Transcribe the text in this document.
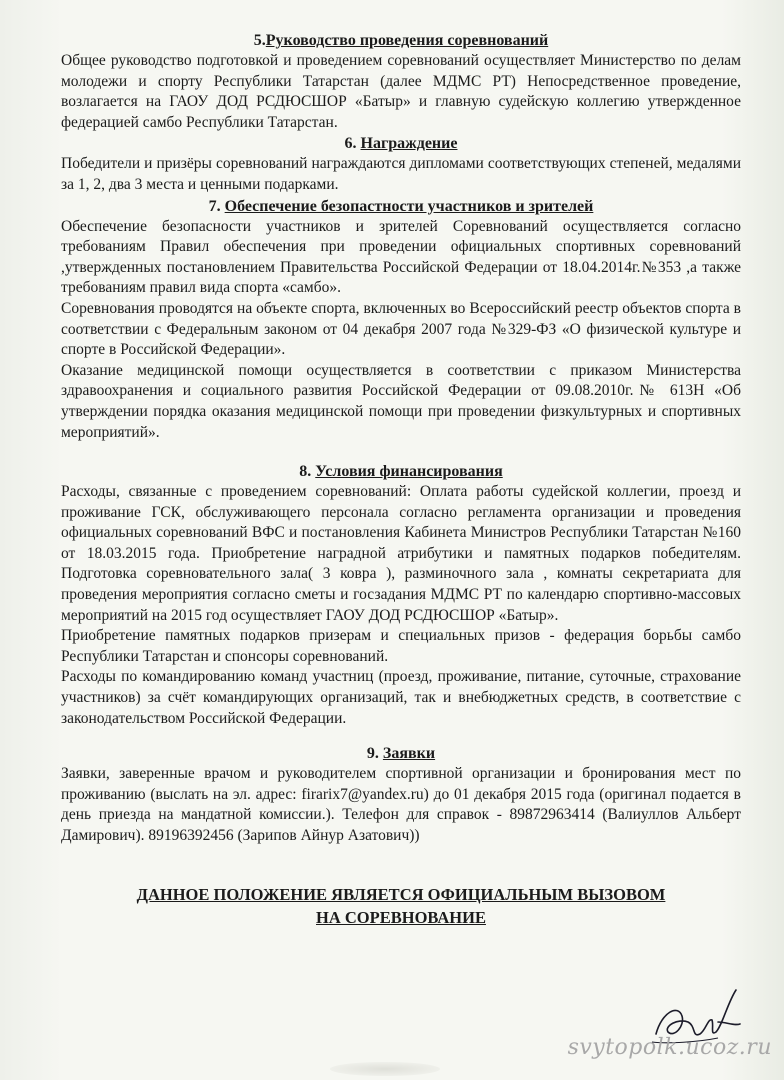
5.Руководство проведения соревнований

Общее руководство подготовкой и проведением соревнований осуществляет Министерство по делам молодежи и спорту Республики Татарстан (далее МДМС РТ) Непосредственное проведение, возлагается на ГАОУ ДОД РСДЮСШОР «Батыр» и главную судейскую коллегию утвержденное федерацией самбо Республики Татарстан.

6. Награждение

Победители и призёры соревнований награждаются дипломами соответствующих степеней, медалями за 1, 2, два 3 места и ценными подарками.

7. Обеспечение безопастности участников и зрителей

Обеспечение безопасности участников и зрителей Соревнований осуществляется согласно требованиям Правил обеспечения при проведении официальных спортивных соревнований ,утвержденных постановлением Правительства Российской Федерации от 18.04.2014г.№353 ,а также требованиям правил вида спорта «самбо».

Соревнования проводятся на объекте спорта, включенных во Всероссийский реестр объектов спорта в соответствии с Федеральным законом от 04 декабря 2007 года №329-ФЗ «О физической культуре и спорте в Российской Федерации».

Оказание медицинской помощи осуществляется в соответствии с приказом Министерства здравоохранения и социального развития Российской Федерации от 09.08.2010г.№ 613Н «Об утверждении порядка оказания медицинской помощи при проведении физкультурных и спортивных мероприятий».

8. Условия финансирования

Расходы, связанные с проведением соревнований: Оплата работы судейской коллегии, проезд и проживание ГСК, обслуживающего персонала согласно регламента организации и проведения официальных соревнований ВФС и постановления Кабинета Министров Республики Татарстан №160 от 18.03.2015 года. Приобретение наградной атрибутики и памятных подарков победителям. Подготовка соревновательного зала( 3 ковра ), разминочного зала , комнаты секретариата для проведения мероприятия согласно сметы и госзадания МДМС РТ по календарю спортивно-массовых мероприятий на 2015 год осуществляет ГАОУ ДОД РСДЮСШОР «Батыр».

Приобретение памятных подарков призерам и специальных призов - федерация борьбы самбо Республики Татарстан и спонсоры соревнований.

Расходы по командированию команд участниц (проезд, проживание, питание, суточные, страхование участников) за счёт командирующих организаций, так и внебюджетных средств, в соответствие с законодательством Российской Федерации.

9. Заявки

Заявки, заверенные врачом и руководителем спортивной организации и бронирования мест по проживанию (выслать на эл. адрес: firarix7@yandex.ru) до 01 декабря 2015 года (оригинал подается в день приезда на мандатной комиссии.). Телефон для справок - 89872963414 (Валиуллов Альберт Дамирович). 89196392456 (Зарипов Айнур Азатович))

ДАННОЕ ПОЛОЖЕНИЕ ЯВЛЯЕТСЯ ОФИЦИАЛЬНЫМ ВЫЗОВОМ

НА СОРЕВНОВАНИЕ

svytopolk.ucoz.ru
